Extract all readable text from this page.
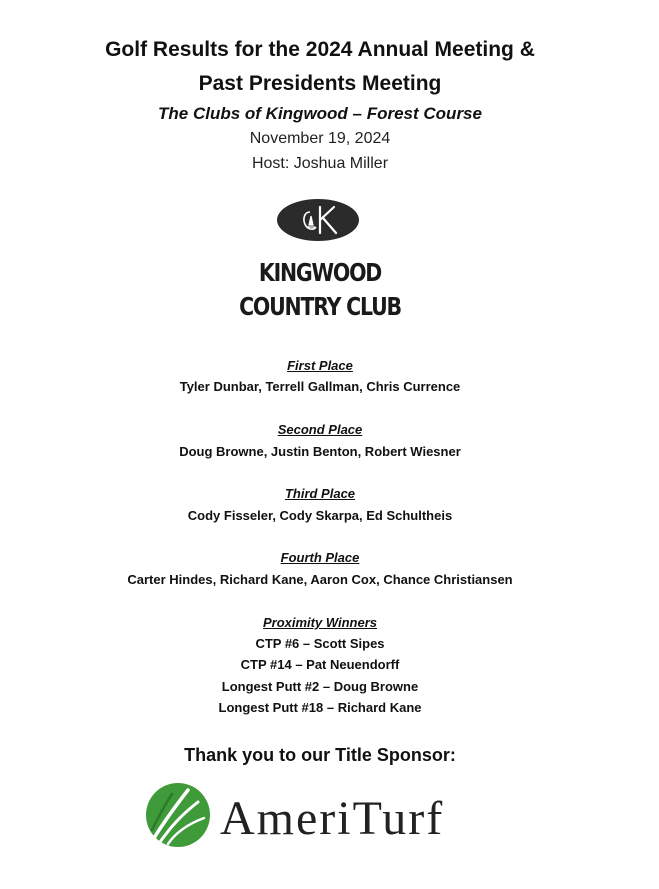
Golf Results for the 2024 Annual Meeting &
Past Presidents Meeting
The Clubs of Kingwood – Forest Course
November 19, 2024
Host: Joshua Miller
KINGWOOD
COUNTRY CLUB
First Place
Tyler Dunbar, Terrell Gallman, Chris Currence
Second Place
Doug Browne, Justin Benton, Robert Wiesner
Third Place
Cody Fisseler, Cody Skarpa, Ed Schultheis
Fourth Place
Carter Hindes, Richard Kane, Aaron Cox, Chance Christiansen
Proximity Winners
CTP #6 – Scott Sipes
CTP #14 – Pat Neuendorff
Longest Putt #2 – Doug Browne
Longest Putt #18 – Richard Kane
Thank you to our Title Sponsor:
AmeriTurf
